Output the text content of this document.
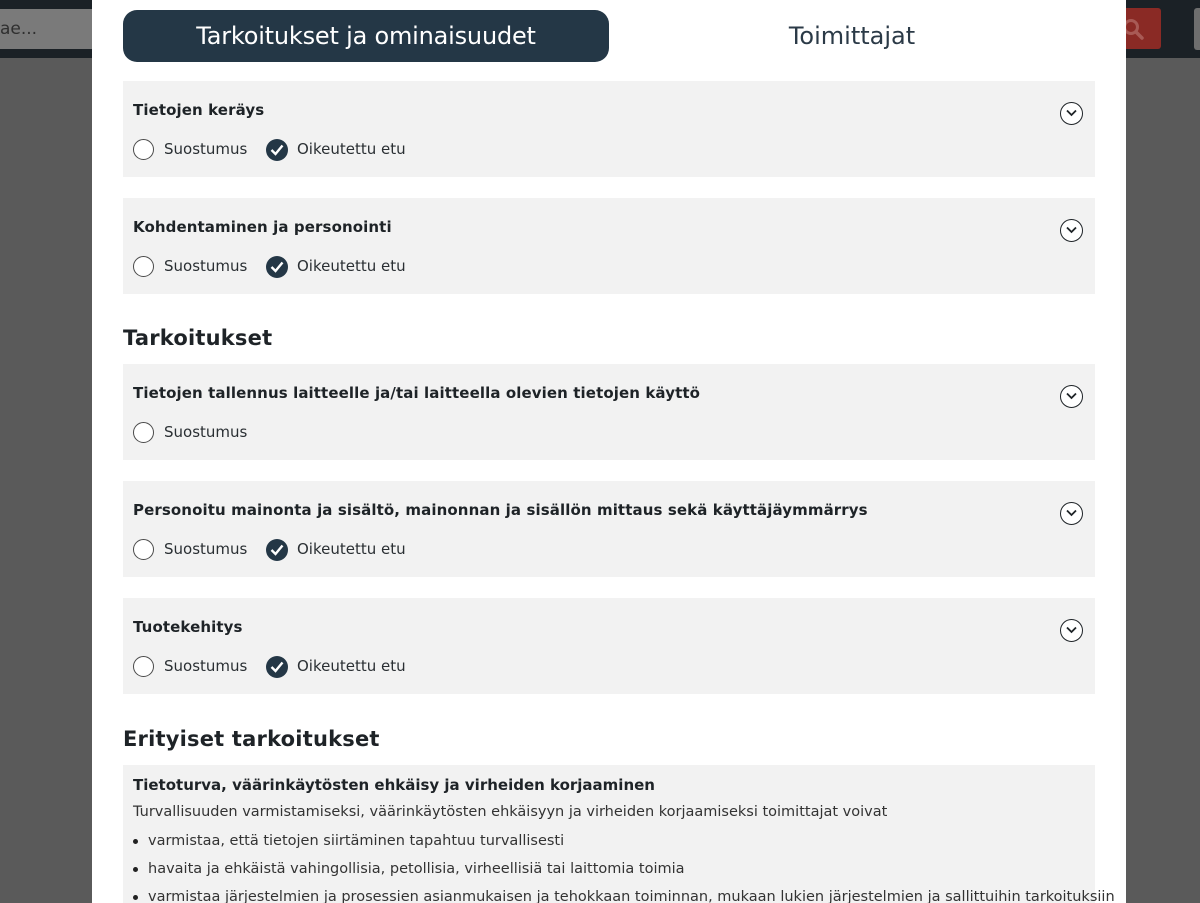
ae...	Tarkoitukset ja ominaisuudet	Toimittajat
Tietojen keräys
Suostumus	Oikeutettu etu
Kohdentaminen ja personointi
Suostumus	Oikeutettu etu
Tarkoitukset
Tietojen tallennus laitteelle ja/tai laitteella olevien tietojen käyttö
Suostumus
Personoitu mainonta ja sisältö, mainonnan ja sisällön mittaus sekä käyttäjäymmärrys
Suostumus	Oikeutettu etu
Tuotekehitys
Suostumus	Oikeutettu etu
Erityiset tarkoitukset
Tietoturva, väärinkäytösten ehkäisy ja virheiden korjaaminen
Turvallisuuden varmistamiseksi, väärinkäytösten ehkäisyyn ja virheiden korjaamiseksi toimittajat voivat
varmistaa, että tietojen siirtäminen tapahtuu turvallisesti
havaita ja ehkäistä vahingollisia, petollisia, virheellisiä tai laittomia toimia
varmistaa järjestelmien ja prosessien asianmukaisen ja tehokkaan toiminnan, mukaan lukien järjestelmien ja sallittuihin tarkoituksiin
